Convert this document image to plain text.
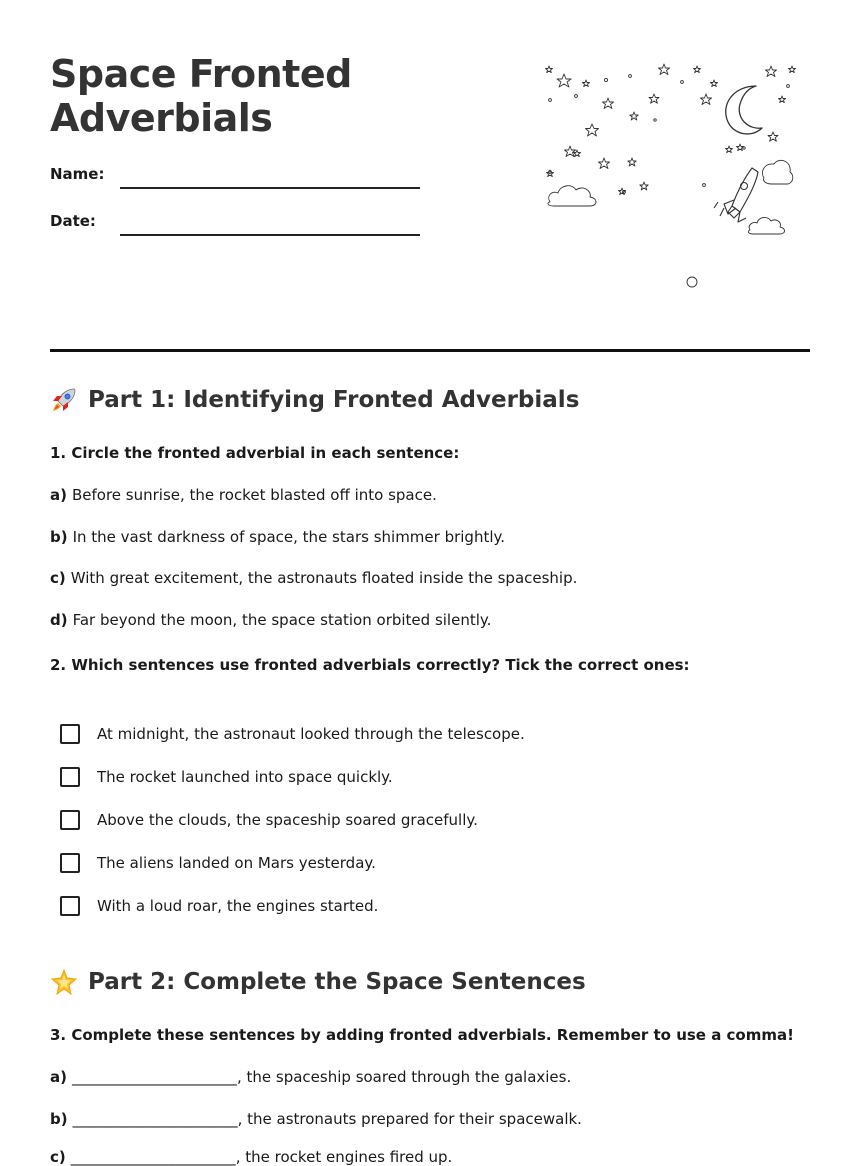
Space Fronted
Adverbials
Name:
Date:
Part 1: Identifying Fronted Adverbials
1. Circle the fronted adverbial in each sentence:
a) Before sunrise, the rocket blasted off into space.
b) In the vast darkness of space, the stars shimmer brightly.
c) With great excitement, the astronauts floated inside the spaceship.
d) Far beyond the moon, the space station orbited silently.
2. Which sentences use fronted adverbials correctly? Tick the correct ones:
At midnight, the astronaut looked through the telescope.
The rocket launched into space quickly.
Above the clouds, the spaceship soared gracefully.
The aliens landed on Mars yesterday.
With a loud roar, the engines started.
Part 2: Complete the Space Sentences
3. Complete these sentences by adding fronted adverbials. Remember to use a comma!
a) ______________________, the spaceship soared through the galaxies.
b) ______________________, the astronauts prepared for their spacewalk.
c) ______________________, the rocket engines fired up.
